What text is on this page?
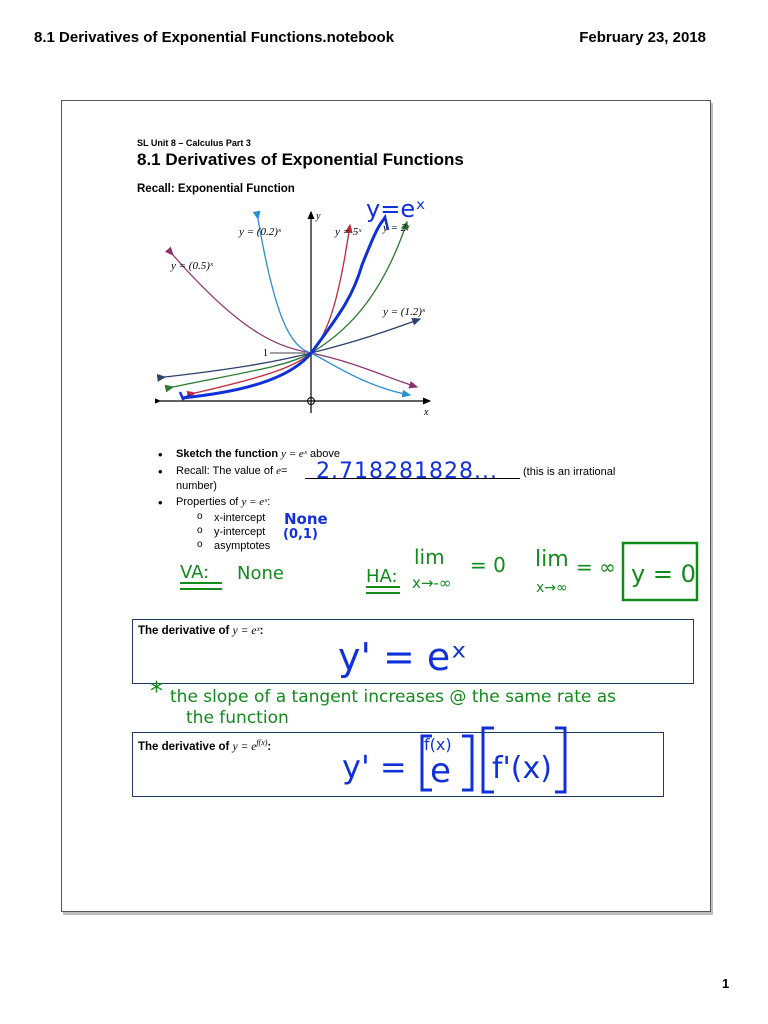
8.1 Derivatives of Exponential Functions.notebook	February 23, 2018
SL Unit 8 – Calculus Part 3
8.1 Derivatives of Exponential Functions
Recall: Exponential Function
y = (0.2)ˣ	y = 5ˣ y = 2ˣ
y = (0.5)ˣ
y = (1.2)ˣ
1
y
x
• Sketch the function y = eˣ above
• Recall: The value of e=	(this is an irrational
number)
• Properties of y = eˣ:
o x-intercept
o y-intercept
o asymptotes
The derivative of y = eˣ:
The derivative of $y = e^{f(x)}$:
y=eˣ
2.718281828...
None
(0,1)
VA: None	HA:
lim
x→-∞
= 0 lim
x→∞
= ∞ y = 0
y' = eˣ
* the slope of a tangent increases @ the same rate as
the function
y' = e
f(x)
f'(x)
1
